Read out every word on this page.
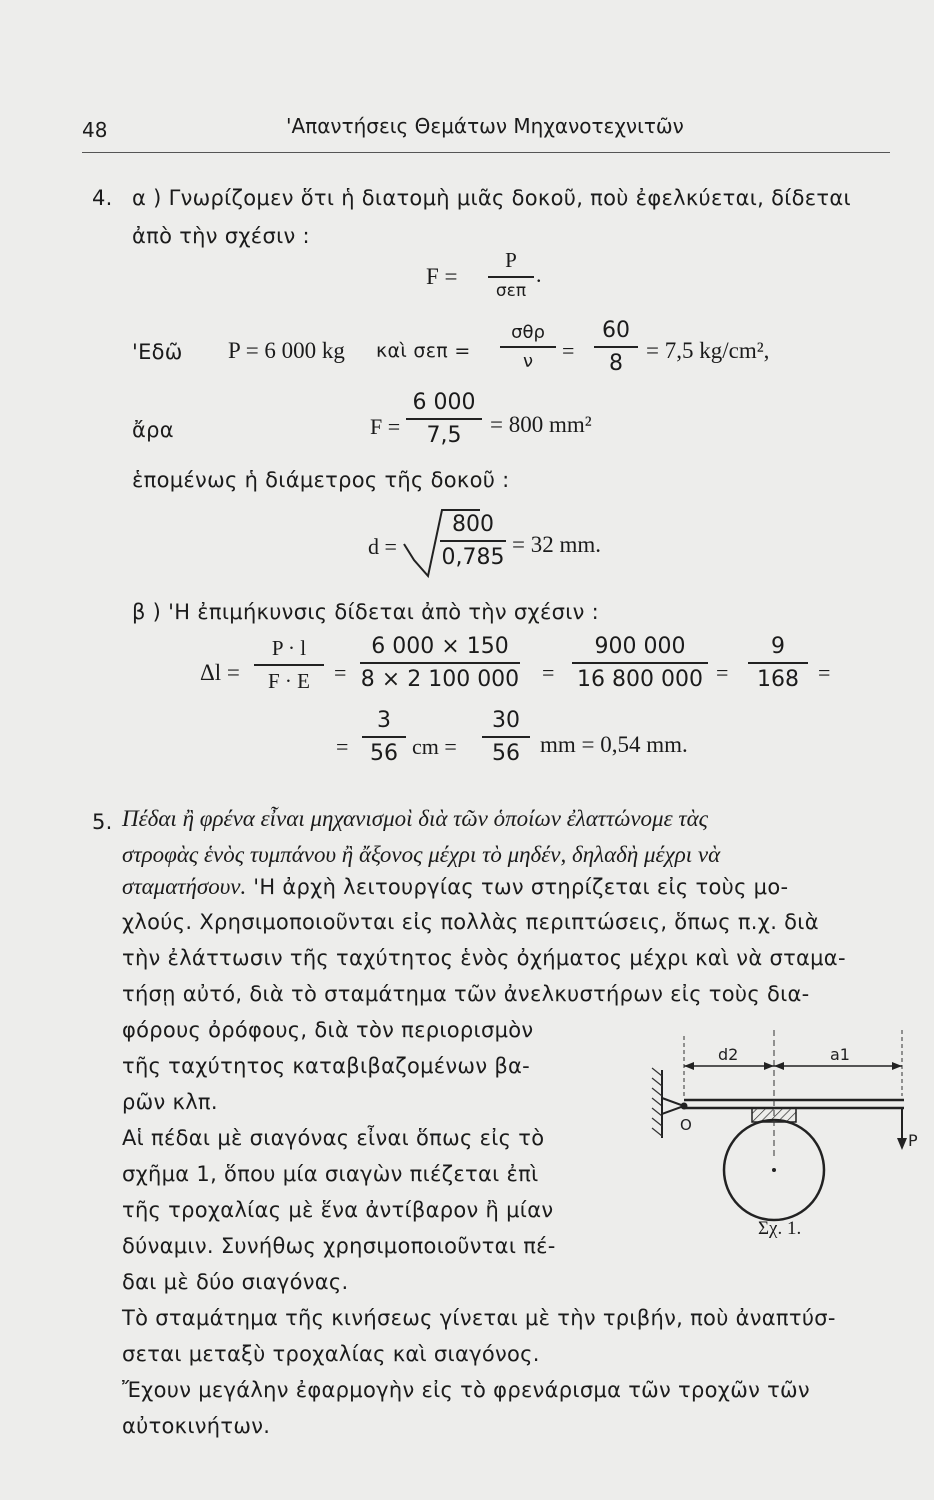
48	'Απαντήσεις Θεμάτων Μηχανοτεχνιτῶν
4. α ) Γνωρίζομεν ὅτι ἡ διατομὴ μιᾶς δοκοῦ, ποὺ ἐφελκύεται, δίδεται
ἀπὸ τὴν σχέσιν :
F =
P
σεπ
.
'Εδῶ P = 6 000 kg καὶ σεπ =
σθρ
ν =
60
8 = 7,5 kg/cm²,
ἄρα	F =
6 000
7,5 = 800 mm²
ἑπομένως ἡ διάμετρος τῆς δοκοῦ :
d =
800
0,785 = 32 mm.
β ) 'Η ἐπιμήκυνσις δίδεται ἀπὸ τὴν σχέσιν :
Δl =
P · l
F · E =
6 000 × 150
8 × 2 100 000 =
900 000
16 800 000 =
9
168 =
=
3
56 cm =
30
56 mm = 0,54 mm.
5. Πέδαι ἢ φρένα εἶναι μηχανισμοὶ διὰ τῶν ὁποίων ἐλαττώνομε τὰς
στροφὰς ἑνὸς τυμπάνου ἢ ἄξονος μέχρι τὸ μηδέν, δηλαδὴ μέχρι νὰ
σταματήσουν. 'Η ἀρχὴ λειτουργίας των στηρίζεται εἰς τοὺς μο-
χλούς. Χρησιμοποιοῦνται εἰς πολλὰς περιπτώσεις, ὅπως π.χ. διὰ
τὴν ἐλάττωσιν τῆς ταχύτητος ἑνὸς ὀχήματος μέχρι καὶ νὰ σταμα-
τήσῃ αὐτό, διὰ τὸ σταμάτημα τῶν ἀνελκυστήρων εἰς τοὺς δια-
φόρους ὀρόφους, διὰ τὸν περιορισμὸν
τῆς ταχύτητος καταβιβαζομένων βα-
ρῶν κλπ.
Αἱ πέδαι μὲ σιαγόνας εἶναι ὅπως εἰς τὸ
σχῆμα 1, ὅπου μία σιαγὼν πιέζεται ἐπὶ
τῆς τροχαλίας μὲ ἕνα ἀντίβαρον ἢ μίαν
δύναμιν. Συνήθως χρησιμοποιοῦνται πέ-
δαι μὲ δύο σιαγόνας.
Τὸ σταμάτημα τῆς κινήσεως γίνεται μὲ τὴν τριβήν, ποὺ ἀναπτύσ-
σεται μεταξὺ τροχαλίας καὶ σιαγόνος.
Ἔχουν μεγάλην ἐφαρμογὴν εἰς τὸ φρενάρισμα τῶν τροχῶν τῶν
αὐτοκινήτων.
d2	a1
O
P
Σχ. 1.
